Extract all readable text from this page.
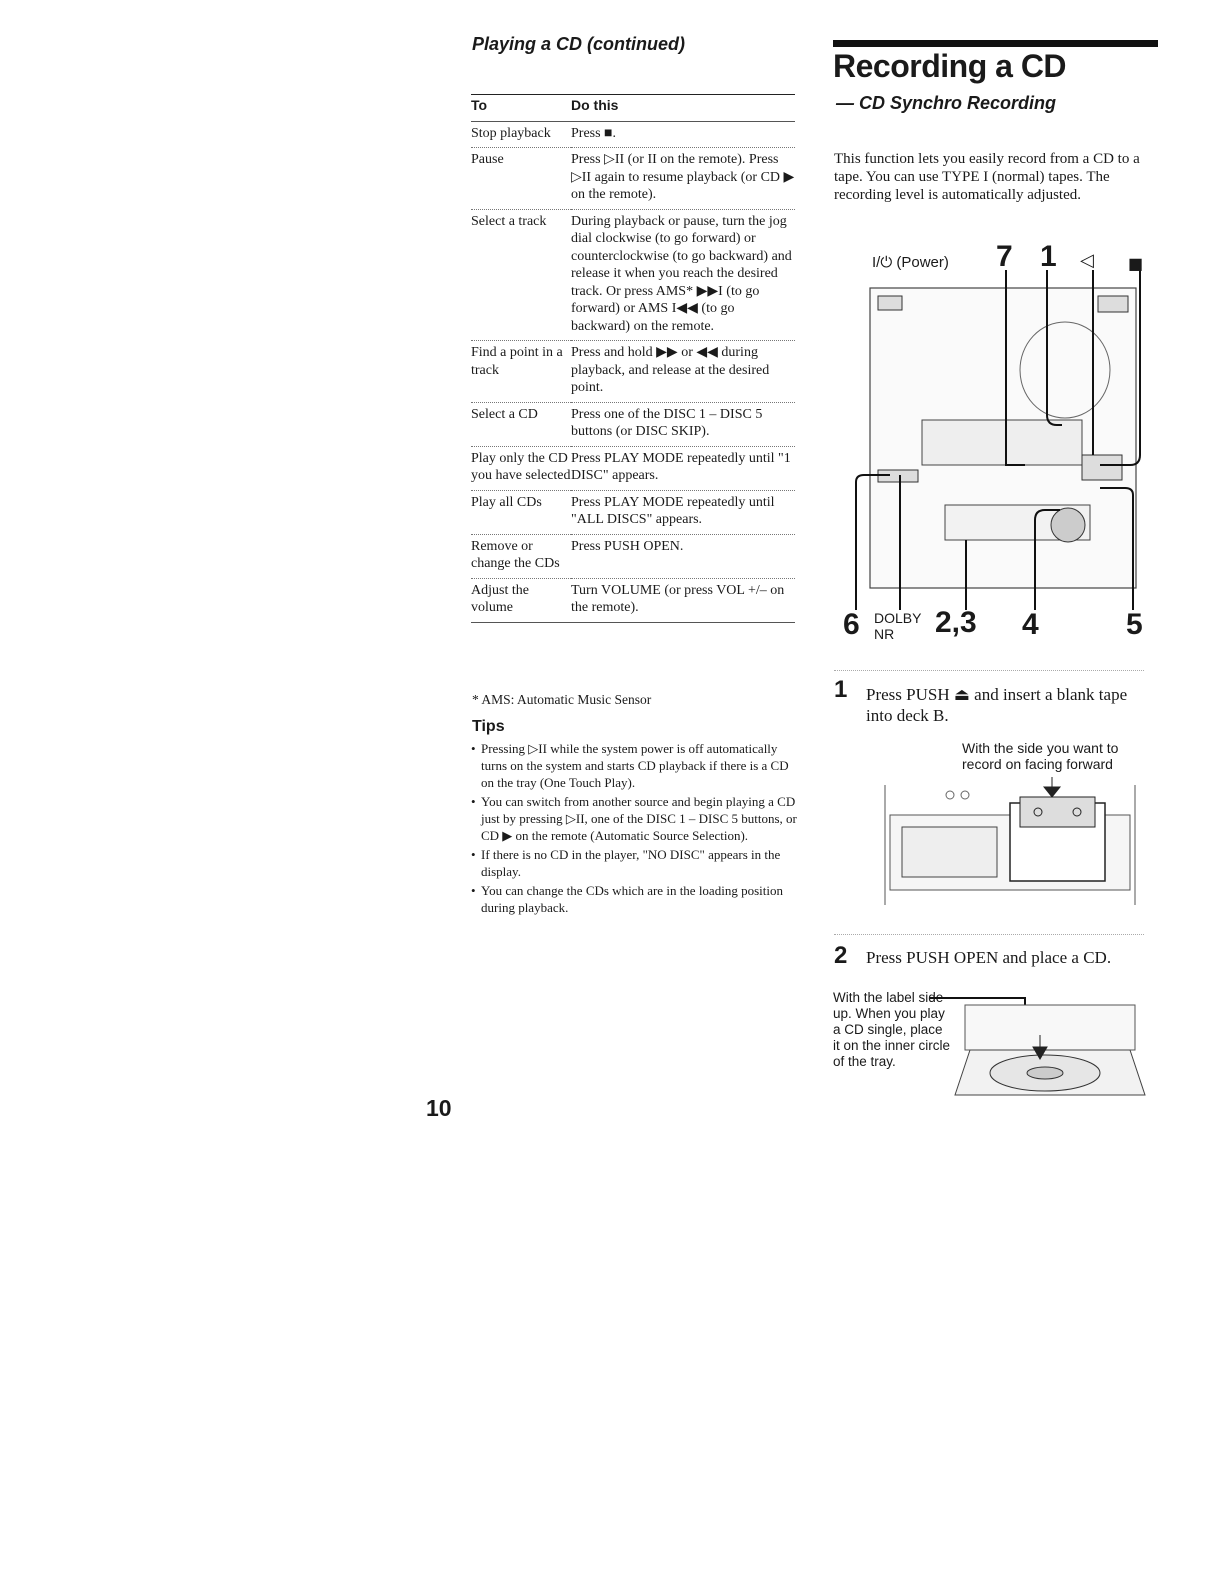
Playing a CD (continued)
To	Do this
Stop playback	Press ■.
Pause	Press ▷II (or II on the remote). Press ▷II again to resume playback (or CD ▶ on the remote).
Select a track	During playback or pause, turn the jog dial clockwise (to go forward) or counterclockwise (to go backward) and release it when you reach the desired track. Or press AMS* ▶▶I (to go forward) or AMS I◀◀ (to go backward) on the remote.
Find a point in a track	Press and hold ▶▶ or ◀◀ during playback, and release at the desired point.
Select a CD	Press one of the DISC 1 – DISC 5 buttons (or DISC SKIP).
Play only the CD you have selected	Press PLAY MODE repeatedly until "1 DISC" appears.
Play all CDs	Press PLAY MODE repeatedly until "ALL DISCS" appears.
Remove or change the CDs	Press PUSH OPEN.
Adjust the volume	Turn VOLUME (or press VOL +/– on the remote).
* AMS: Automatic Music Sensor
Tips
• Pressing ▷II while the system power is off automatically turns on the system and starts CD playback if there is a CD on the tray (One Touch Play).
• You can switch from another source and begin playing a CD just by pressing ▷II, one of the DISC 1 – DISC 5 buttons, or CD ▶ on the remote (Automatic Source Selection).
• If there is no CD in the player, "NO DISC" appears in the display.
• You can change the CDs which are in the loading position during playback.
10
Recording a CD
— CD Synchro Recording

This function lets you easily record from a CD to a tape. You can use TYPE I (normal) tapes. The recording level is automatically adjusted.

I/⏻ (Power) 7 1 ◁ ■
6 DOLBY NR	2,3 4	5
1 Press PUSH ⏏ and insert a blank tape into deck B.
With the side you want to record on facing forward
2 Press PUSH OPEN and place a CD.
With the label side up. When you play a CD single, place it on the inner circle of the tray.
